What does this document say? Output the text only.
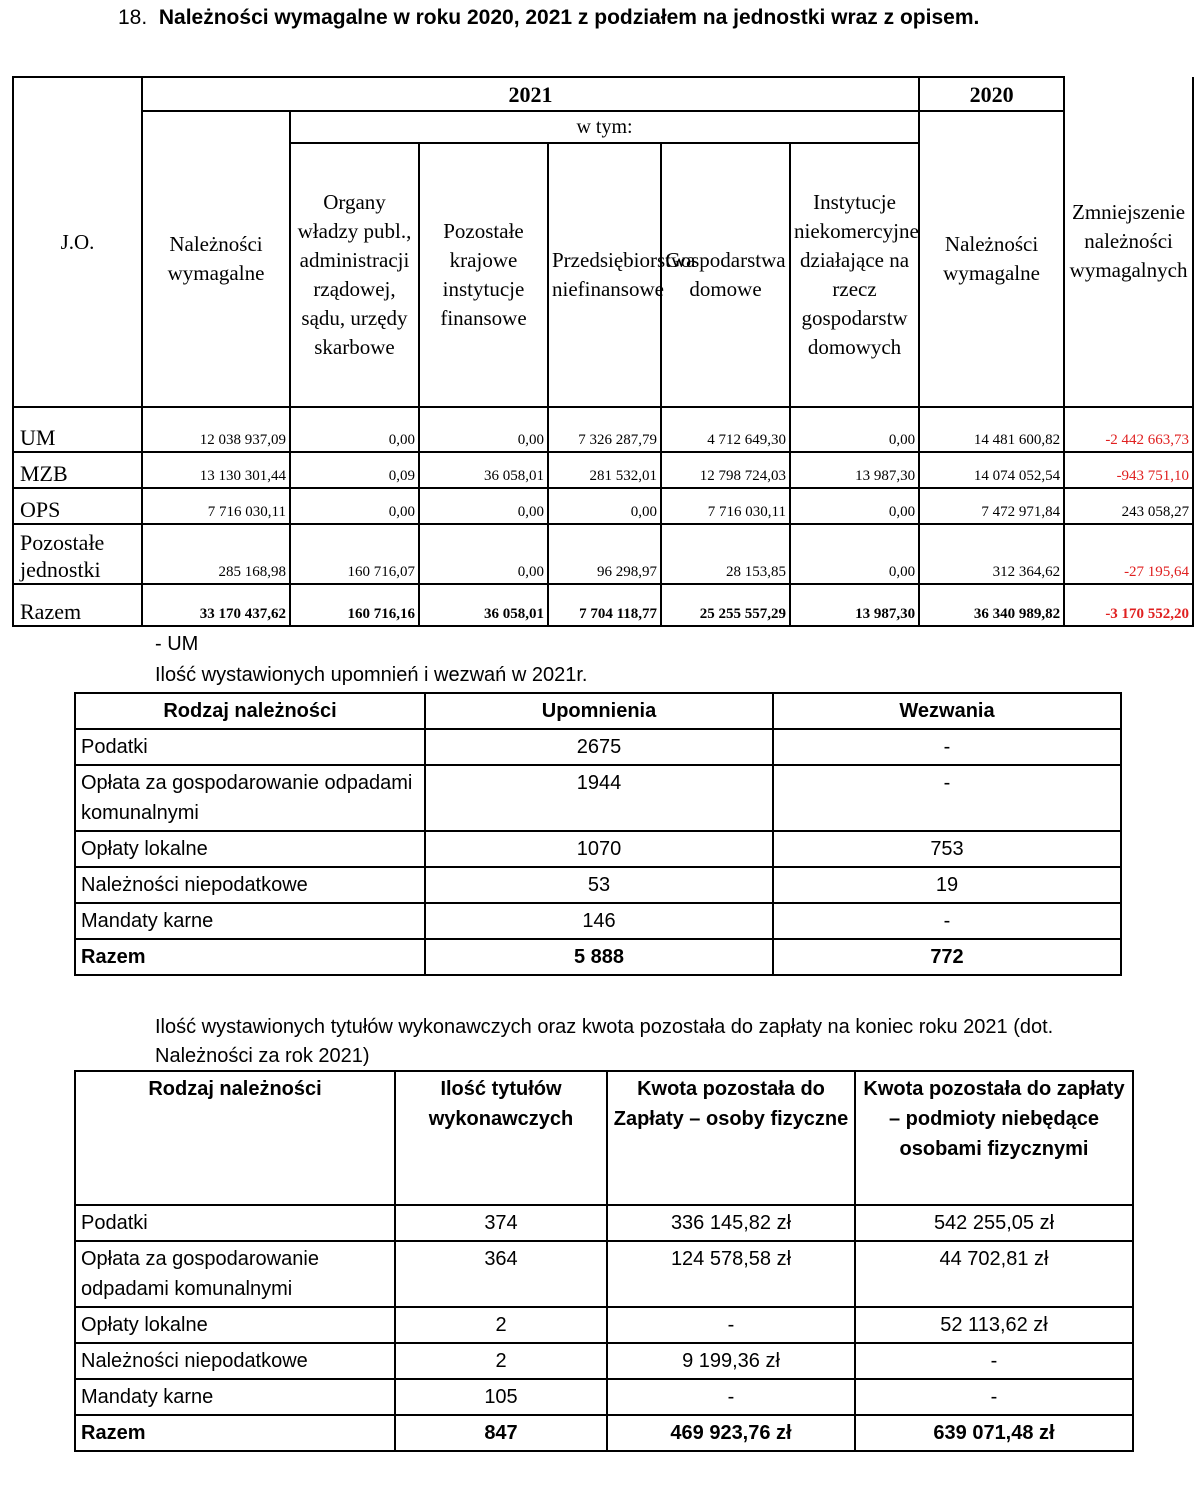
18. Należności wymagalne w roku 2020, 2021 z podziałem na jednostki wraz z opisem.
J.O.	2021						2020	Zmniejszenie należności wymagalnych
	Należności wymagalne	w tym:					Należności wymagalne	
		Organy władzy publ., administracji rządowej, sądu, urzędy skarbowe	Pozostałe krajowe instytucje finansowe	Przedsiębiorstwa niefinansowe	Gospodarstwa domowe	Instytucje niekomercyjne działające na rzecz gospodarstw domowych		
UM	12 038 937,09	0,00	0,00	7 326 287,79	4 712 649,30	0,00	14 481 600,82	-2 442 663,73
MZB	13 130 301,44	0,09	36 058,01	281 532,01	12 798 724,03	13 987,30	14 074 052,54	-943 751,10
OPS	7 716 030,11	0,00	0,00	0,00	7 716 030,11	0,00	7 472 971,84	243 058,27
Pozostałe jednostki	285 168,98	160 716,07	0,00	96 298,97	28 153,85	0,00	312 364,62	-27 195,64
Razem	33 170 437,62	160 716,16	36 058,01	7 704 118,77	25 255 557,29	13 987,30	36 340 989,82	-3 170 552,20
- UM
Ilość wystawionych upomnień i wezwań w 2021r.
Rodzaj należności	Upomnienia	Wezwania
Podatki	2675	-
Opłata za gospodarowanie odpadami komunalnymi	1944	-
Opłaty lokalne	1070	753
Należności niepodatkowe	53	19
Mandaty karne	146	-
Razem	5 888	772
Ilość wystawionych tytułów wykonawczych oraz kwota pozostała do zapłaty na koniec roku 2021 (dot. Należności za rok 2021)
Rodzaj należności	Ilość tytułów wykonawczych	Kwota pozostała do Zapłaty – osoby fizyczne	Kwota pozostała do zapłaty – podmioty niebędące osobami fizycznymi
Podatki	374	336 145,82 zł	542 255,05 zł
Opłata za gospodarowanie odpadami komunalnymi	364	124 578,58 zł	44 702,81 zł
Opłaty lokalne	2	-	52 113,62 zł
Należności niepodatkowe	2	9 199,36 zł	-
Mandaty karne	105	-	-
Razem	847	469 923,76 zł	639 071,48 zł
